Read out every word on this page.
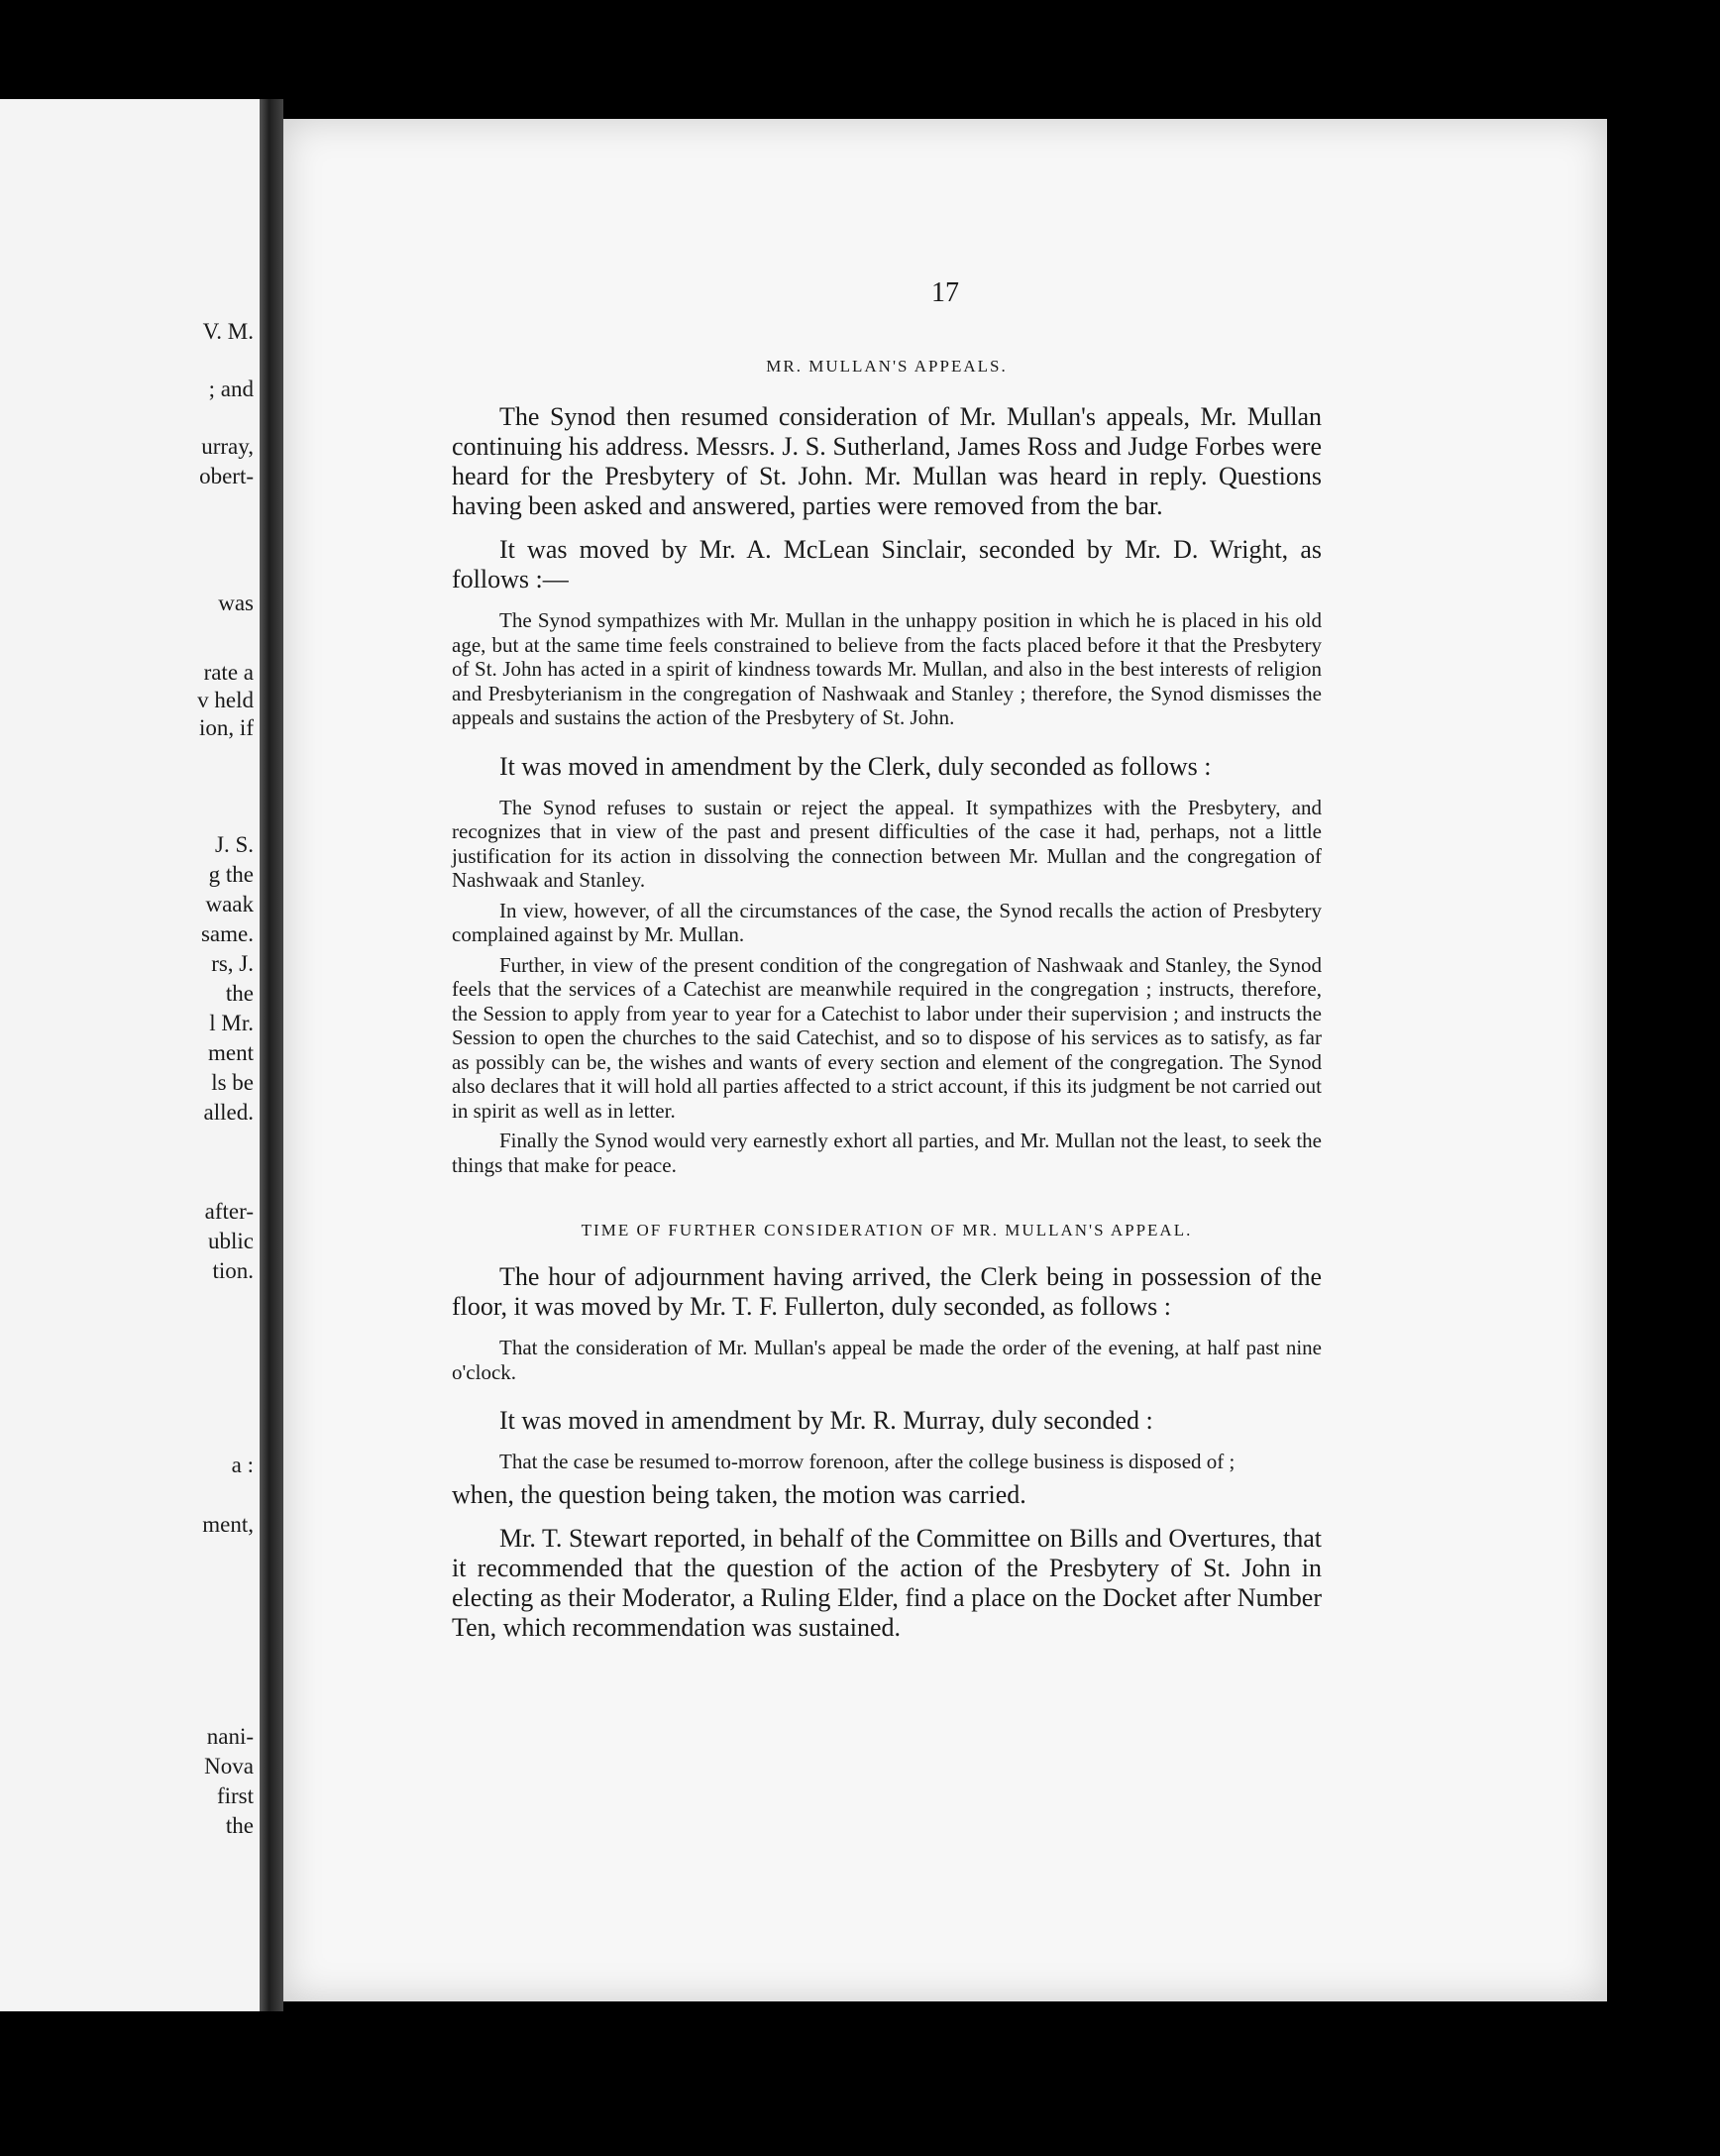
V. M.
; and
urray,
obert-
was
rate a
v held
ion, if
J. S.
g the
waak
same.
rs, J.
the
l Mr.
ment
ls be
alled.
after-
ublic
tion.
a :
ment,
nani-
Nova
first
the
17
MR. MULLAN'S APPEALS.

The Synod then resumed consideration of Mr. Mullan's appeals, Mr. Mullan continuing his address. Messrs. J. S. Sutherland, James Ross and Judge Forbes were heard for the Presbytery of St. John. Mr. Mullan was heard in reply. Questions having been asked and answered, parties were removed from the bar.

It was moved by Mr. A. McLean Sinclair, seconded by Mr. D. Wright, as follows :—

The Synod sympathizes with Mr. Mullan in the unhappy position in which he is placed in his old age, but at the same time feels constrained to believe from the facts placed before it that the Presbytery of St. John has acted in a spirit of kindness towards Mr. Mullan, and also in the best interests of religion and Presbyterianism in the congregation of Nashwaak and Stanley ; therefore, the Synod dismisses the appeals and sustains the action of the Presbytery of St. John.

It was moved in amendment by the Clerk, duly seconded as follows :

The Synod refuses to sustain or reject the appeal. It sympathizes with the Presbytery, and recognizes that in view of the past and present difficulties of the case it had, perhaps, not a little justification for its action in dissolving the connection between Mr. Mullan and the congregation of Nashwaak and Stanley.

In view, however, of all the circumstances of the case, the Synod recalls the action of Presbytery complained against by Mr. Mullan.

Further, in view of the present condition of the congregation of Nashwaak and Stanley, the Synod feels that the services of a Catechist are meanwhile required in the congregation ; instructs, therefore, the Session to apply from year to year for a Catechist to labor under their supervision ; and instructs the Session to open the churches to the said Catechist, and so to dispose of his services as to satisfy, as far as possibly can be, the wishes and wants of every section and element of the congregation. The Synod also declares that it will hold all parties affected to a strict account, if this its judgment be not carried out in spirit as well as in letter.

Finally the Synod would very earnestly exhort all parties, and Mr. Mullan not the least, to seek the things that make for peace.

TIME OF FURTHER CONSIDERATION OF MR. MULLAN'S APPEAL.

The hour of adjournment having arrived, the Clerk being in possession of the floor, it was moved by Mr. T. F. Fullerton, duly seconded, as follows :

That the consideration of Mr. Mullan's appeal be made the order of the evening, at half past nine o'clock.

It was moved in amendment by Mr. R. Murray, duly seconded :

That the case be resumed to-morrow forenoon, after the college business is disposed of ;

when, the question being taken, the motion was carried.

Mr. T. Stewart reported, in behalf of the Committee on Bills and Overtures, that it recommended that the question of the action of the Presbytery of St. John in electing as their Moderator, a Ruling Elder, find a place on the Docket after Number Ten, which recommendation was sustained.
